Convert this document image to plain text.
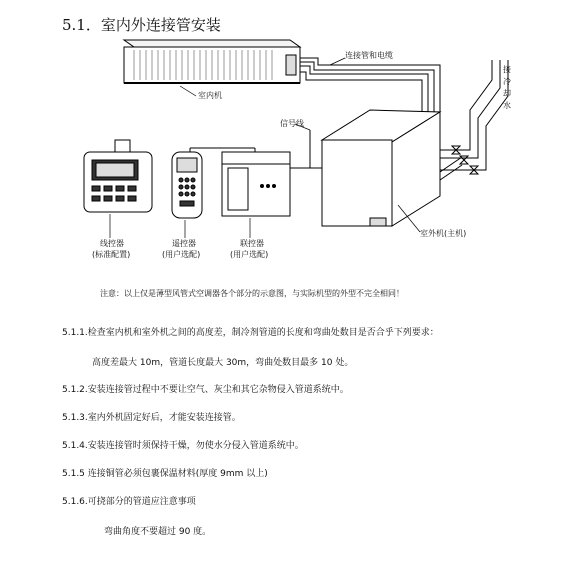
5.1．室内外连接管安装
连接管和电缆
室内机
信号线
接
冷
却
水
室外机(主机)
线控器
(标准配置)
遥控器
(用户选配)
联控器
(用户选配)
注意：以上仅是薄型风管式空调器各个部分的示意图，与实际机型的外型不完全相同！
5.1.1.检查室内机和室外机之间的高度差，制冷剂管道的长度和弯曲处数目是否合乎下列要求：
高度差最大 10m，管道长度最大 30m，弯曲处数目最多 10 处。
5.1.2.安装连接管过程中不要让空气、灰尘和其它杂物侵入管道系统中。
5.1.3.室内外机固定好后，才能安装连接管。
5.1.4.安装连接管时须保持干燥，勿使水分侵入管道系统中。
5.1.5 连接铜管必须包裹保温材料(厚度 9mm 以上)
5.1.6.可挠部分的管道应注意事项
弯曲角度不要超过 90 度。
